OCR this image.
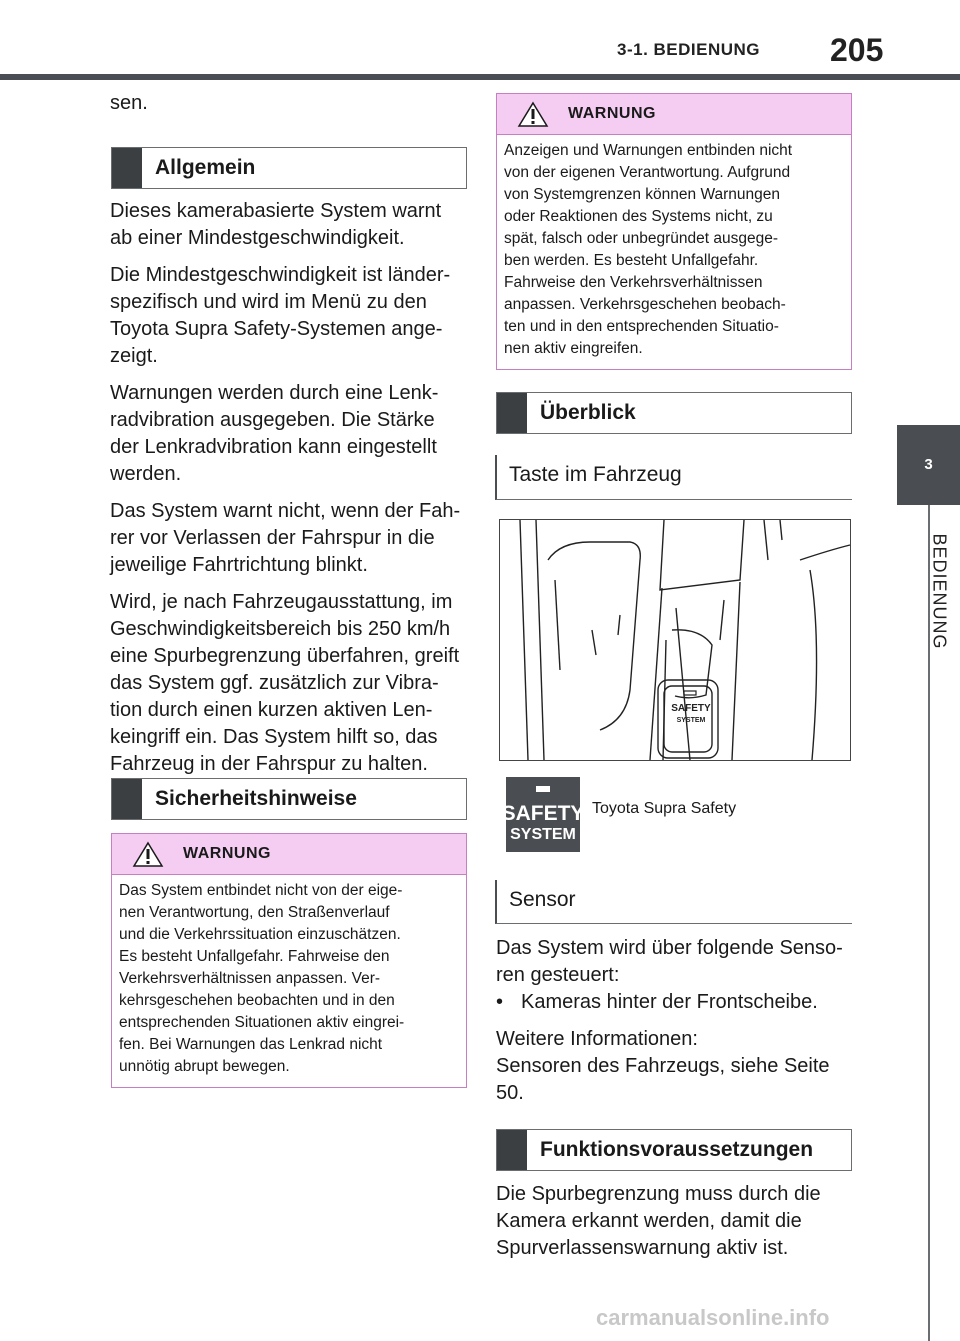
3-1. BEDIENUNG 205
3
BEDIENUNG
sen.
Allgemein
Dieses kamerabasierte System warnt
ab einer Mindestgeschwindigkeit.
Die Mindestgeschwindigkeit ist länder-
spezifisch und wird im Menü zu den
Toyota Supra Safety-Systemen ange-
zeigt.
Warnungen werden durch eine Lenk-
radvibration ausgegeben. Die Stärke
der Lenkradvibration kann eingestellt
werden.
Das System warnt nicht, wenn der Fah-
rer vor Verlassen der Fahrspur in die
jeweilige Fahrtrichtung blinkt.
Wird, je nach Fahrzeugausstattung, im
Geschwindigkeitsbereich bis 250 km/h
eine Spurbegrenzung überfahren, greift
das System ggf. zusätzlich zur Vibra-
tion durch einen kurzen aktiven Len-
keingriff ein. Das System hilft so, das
Fahrzeug in der Fahrspur zu halten.
Sicherheitshinweise
WARNUNG
Das System entbindet nicht von der eige-
nen Verantwortung, den Straßenverlauf
und die Verkehrssituation einzuschätzen.
Es besteht Unfallgefahr. Fahrweise den
Verkehrsverhältnissen anpassen. Ver-
kehrsgeschehen beobachten und in den
entsprechenden Situationen aktiv eingrei-
fen. Bei Warnungen das Lenkrad nicht
unnötig abrupt bewegen.
WARNUNG
Anzeigen und Warnungen entbinden nicht
von der eigenen Verantwortung. Aufgrund
von Systemgrenzen können Warnungen
oder Reaktionen des Systems nicht, zu
spät, falsch oder unbegründet ausgege-
ben werden. Es besteht Unfallgefahr.
Fahrweise den Verkehrsverhältnissen
anpassen. Verkehrsgeschehen beobach-
ten und in den entsprechenden Situatio-
nen aktiv eingreifen.
Überblick
Taste im Fahrzeug
SAFETY
SYSTEM
SAFETY
SYSTEM
Toyota Supra Safety
Sensor
Das System wird über folgende Senso-
ren gesteuert:
• Kameras hinter der Frontscheibe.
Weitere Informationen:
Sensoren des Fahrzeugs, siehe Seite
50.
Funktionsvoraussetzungen
Die Spurbegrenzung muss durch die
Kamera erkannt werden, damit die
Spurverlassenswarnung aktiv ist.
carmanualsonline.info
